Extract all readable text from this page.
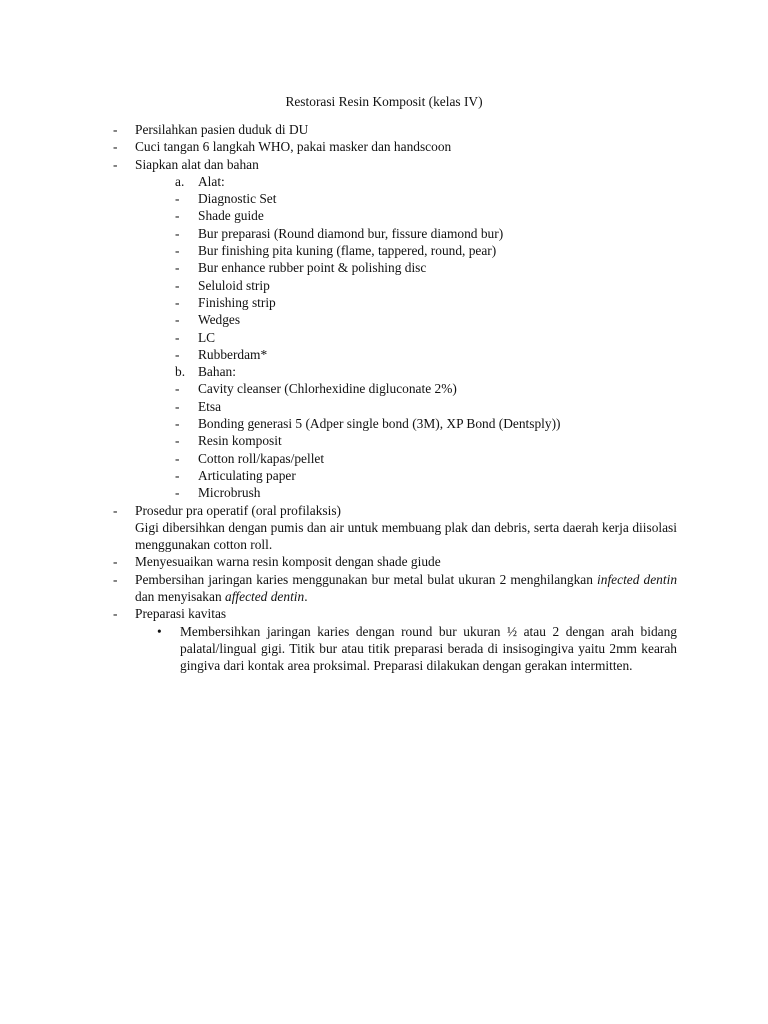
Restorasi Resin Komposit (kelas IV)
- Persilahkan pasien duduk di DU
- Cuci tangan 6 langkah WHO, pakai masker dan handscoon
- Siapkan alat dan bahan
a. Alat:
- Diagnostic Set
- Shade guide
- Bur preparasi (Round diamond bur, fissure diamond bur)
- Bur finishing pita kuning (flame, tappered, round, pear)
- Bur enhance rubber point & polishing disc
- Seluloid strip
- Finishing strip
- Wedges
- LC
- Rubberdam*
b. Bahan:
- Cavity cleanser (Chlorhexidine digluconate 2%)
- Etsa
- Bonding generasi 5 (Adper single bond (3M), XP Bond (Dentsply))
- Resin komposit
- Cotton roll/kapas/pellet
- Articulating paper
- Microbrush
- Prosedur pra operatif (oral profilaksis)
Gigi dibersihkan dengan pumis dan air untuk membuang plak dan debris, serta daerah kerja diisolasi menggunakan cotton roll.
- Menyesuaikan warna resin komposit dengan shade giude
- Pembersihan jaringan karies menggunakan bur metal bulat ukuran 2 menghilangkan infected dentin dan menyisakan affected dentin.
- Preparasi kavitas
• Membersihkan jaringan karies dengan round bur ukuran ½ atau 2 dengan arah bidang palatal/lingual gigi. Titik bur atau titik preparasi berada di insisogingiva yaitu 2mm kearah gingiva dari kontak area proksimal. Preparasi dilakukan dengan gerakan intermitten.
